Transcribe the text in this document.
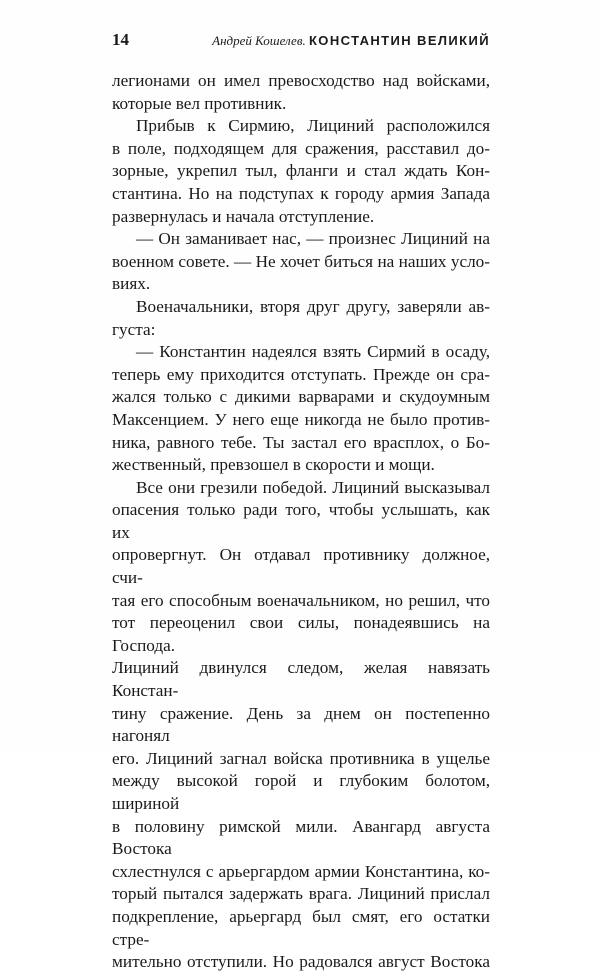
14	Андрей Кошелев. КОНСТАНТИН ВЕЛИКИЙ

легионами он имел превосходство над войсками,

которые вел противник.

Прибыв к Сирмию, Лициний расположился

в поле, подходящем для сражения, расставил до-

зорные, укрепил тыл, фланги и стал ждать Кон-

стантина. Но на подступах к городу армия Запада

развернулась и начала отступление.

— Он заманивает нас, — произнес Лициний на

военном совете. — Не хочет биться на наших усло-

виях.

Военачальники, вторя друг другу, заверяли ав-

густа:

— Константин надеялся взять Сирмий в осаду,

теперь ему приходится отступать. Прежде он сра-

жался только с дикими варварами и скудоумным

Максенцием. У него еще никогда не было против-

ника, равного тебе. Ты застал его врасплох, о Бо-

жественный, превзошел в скорости и мощи.

Все они грезили победой. Лициний высказывал

опасения только ради того, чтобы услышать, как их

опровергнут. Он отдавал противнику должное, счи-

тая его способным военачальником, но решил, что

тот переоценил свои силы, понадеявшись на Господа.

Лициний двинулся следом, желая навязать Констан-

тину сражение. День за днем он постепенно нагонял

его. Лициний загнал войска противника в ущелье

между высокой горой и глубоким болотом, шириной

в половину римской мили. Авангард августа Востока

схлестнулся с арьергардом армии Константина, ко-

торый пытался задержать врага. Лициний прислал

подкрепление, арьергард был смят, его остатки стре-

мительно отступили. Но радовался август Востока
